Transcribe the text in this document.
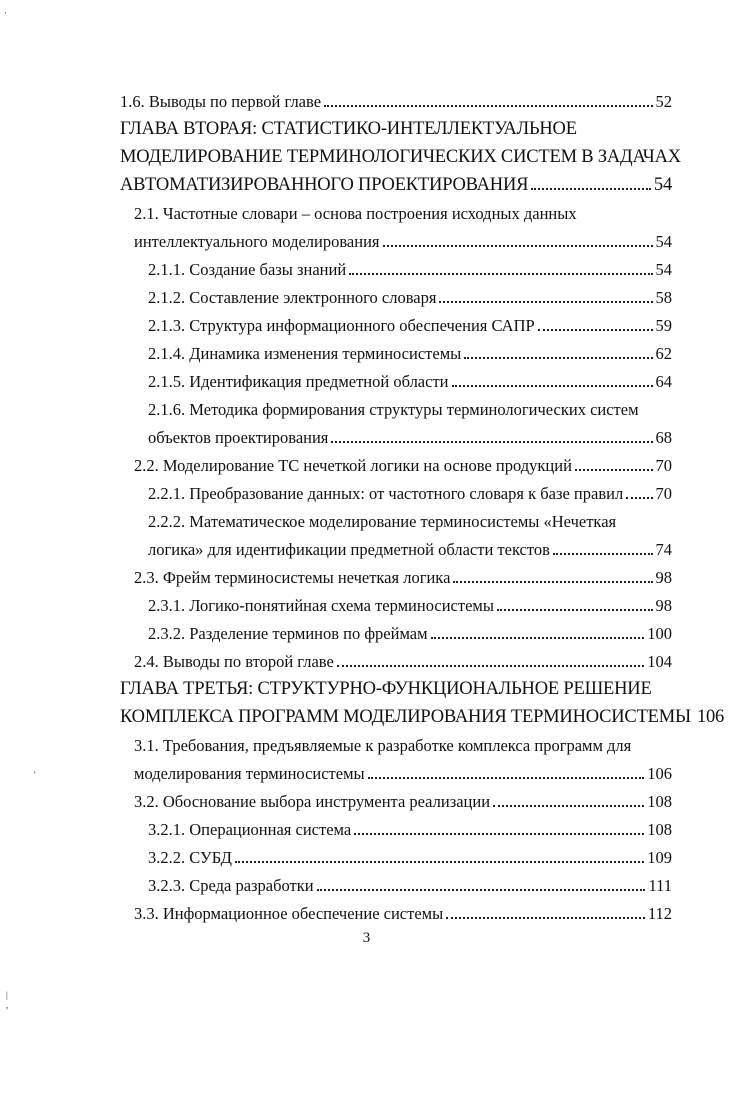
1.6. Выводы по первой главе	52
ГЛАВА ВТОРАЯ: СТАТИСТИКО-ИНТЕЛЛЕКТУАЛЬНОЕ
МОДЕЛИРОВАНИЕ ТЕРМИНОЛОГИЧЕСКИХ СИСТЕМ В ЗАДАЧАХ
АВТОМАТИЗИРОВАННОГО ПРОЕКТИРОВАНИЯ	54
2.1. Частотные словари – основа построения исходных данных
интеллектуального моделирования	54
2.1.1. Создание базы знаний	54
2.1.2. Составление электронного словаря	58
2.1.3. Структура информационного обеспечения САПР	59
2.1.4. Динамика изменения терминосистемы	62
2.1.5. Идентификация предметной области	64
2.1.6. Методика формирования структуры терминологических систем
объектов проектирования	68
2.2. Моделирование ТС нечеткой логики на основе продукций	70
2.2.1. Преобразование данных: от частотного словаря к базе правил 70
2.2.2. Математическое моделирование терминосистемы «Нечеткая
логика» для идентификации предметной области текстов	74
2.3. Фрейм терминосистемы нечеткая логика	98
2.3.1. Логико-понятийная схема терминосистемы	98
2.3.2. Разделение терминов по фреймам	100
2.4. Выводы по второй главе	104
ГЛАВА ТРЕТЬЯ: СТРУКТУРНО-ФУНКЦИОНАЛЬНОЕ РЕШЕНИЕ
КОМПЛЕКСА ПРОГРАММ МОДЕЛИРОВАНИЯ ТЕРМИНОСИСТЕМЫ 106
3.1. Требования, предъявляемые к разработке комплекса программ для
моделирования терминосистемы	106
3.2. Обоснование выбора инструмента реализации	108
3.2.1. Операционная система	108
3.2.2. СУБД	109
3.2.3. Среда разработки	111
3.3. Информационное обеспечение системы	112
3
·
'
|
,
